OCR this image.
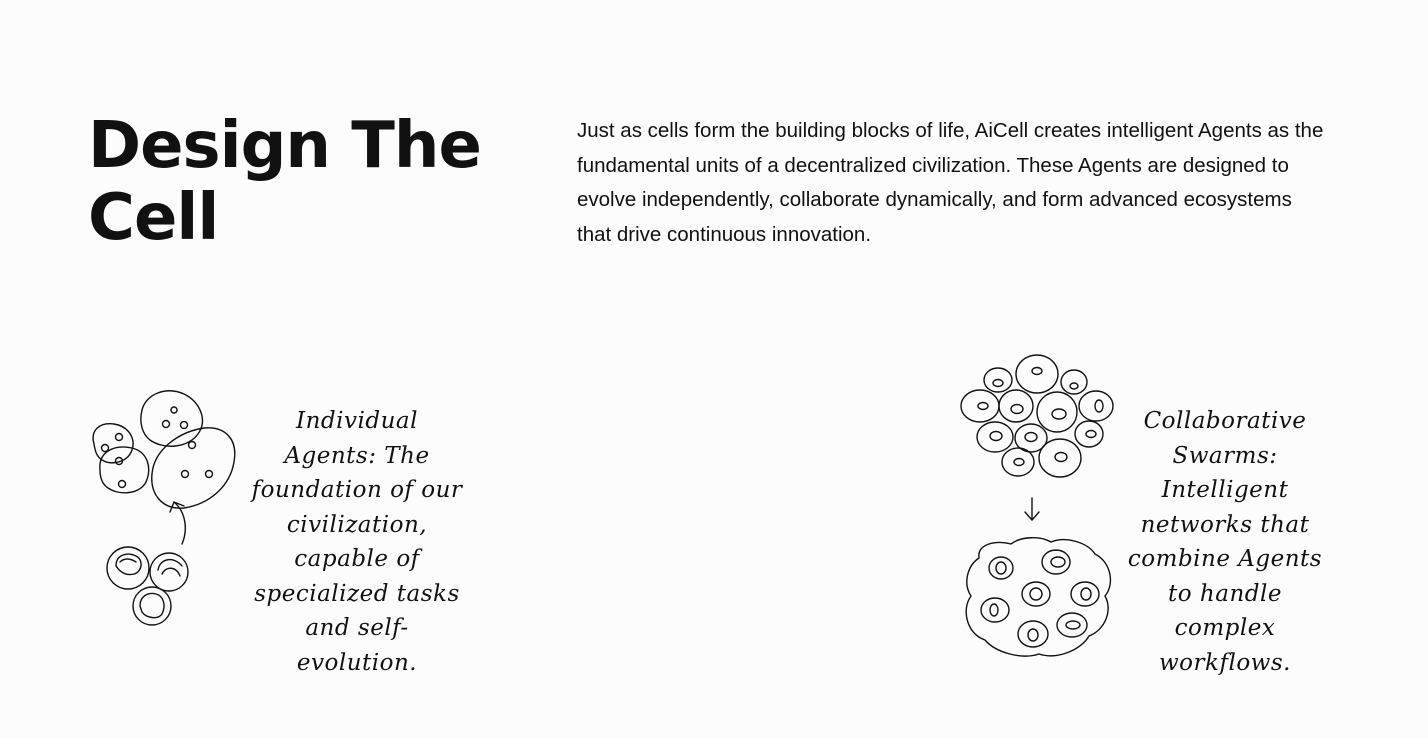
Design The Cell

Just as cells form the building blocks of life, AiCell creates intelligent Agents as the fundamental units of a decentralized civilization. These Agents are designed to evolve independently, collaborate dynamically, and form advanced ecosystems that drive continuous innovation.

Individual Agents: The foundation of our civilization, capable of specialized tasks and self-evolution.

Collaborative Swarms: Intelligent networks that combine Agents to handle complex workflows.
